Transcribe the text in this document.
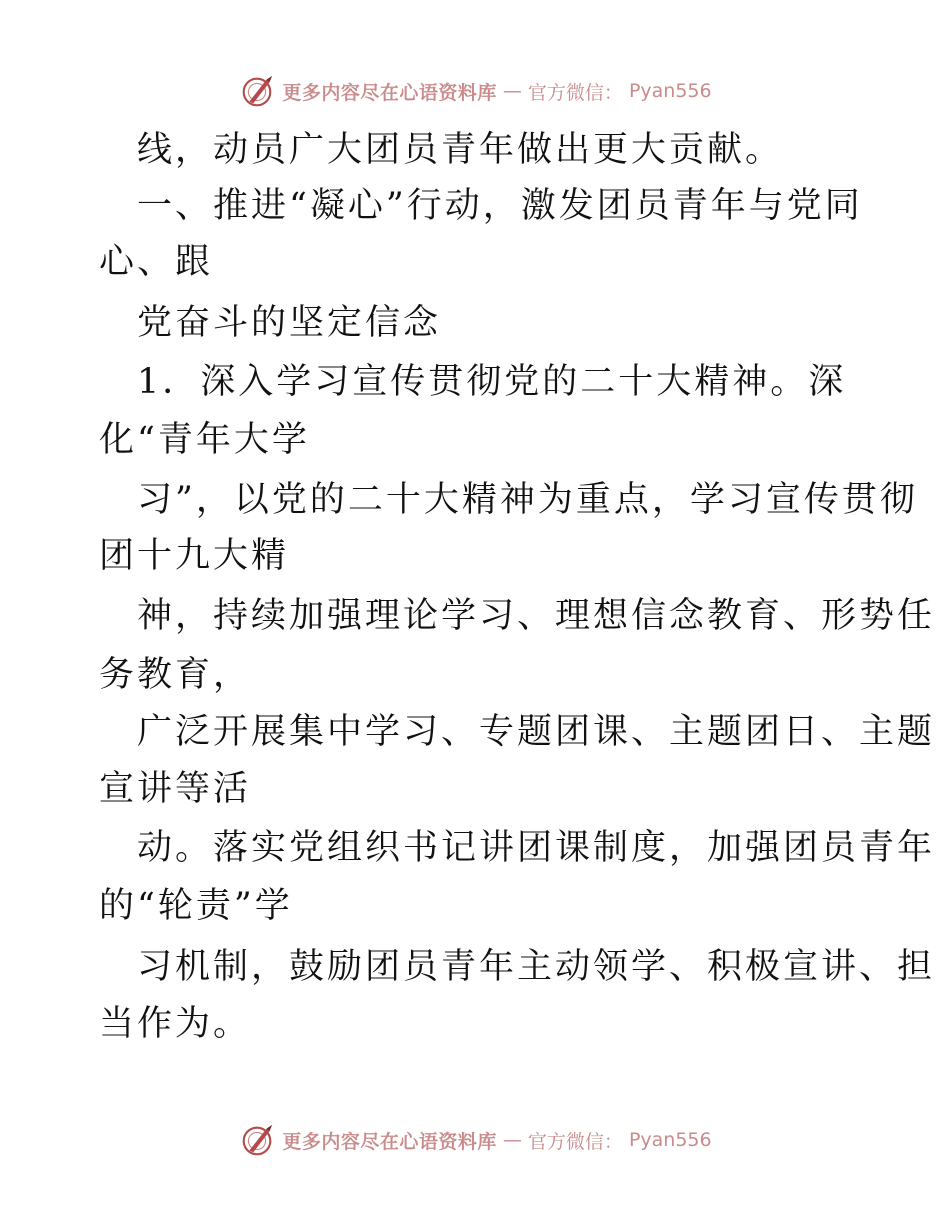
更多内容尽在心语资料库 — 官方微信： Pyan556
线，动员广大团员青年做出更大贡献。
一、推进“凝心”行动，激发团员青年与党同
心、跟
党奋斗的坚定信念
1．深入学习宣传贯彻党的二十大精神。深
化“青年大学
习”，以党的二十大精神为重点，学习宣传贯彻
团十九大精
神，持续加强理论学习、理想信念教育、形势任
务教育，
广泛开展集中学习、专题团课、主题团日、主题
宣讲等活
动。落实党组织书记讲团课制度，加强团员青年
的“轮责”学
习机制，鼓励团员青年主动领学、积极宣讲、担
当作为。
更多内容尽在心语资料库 — 官方微信： Pyan556
